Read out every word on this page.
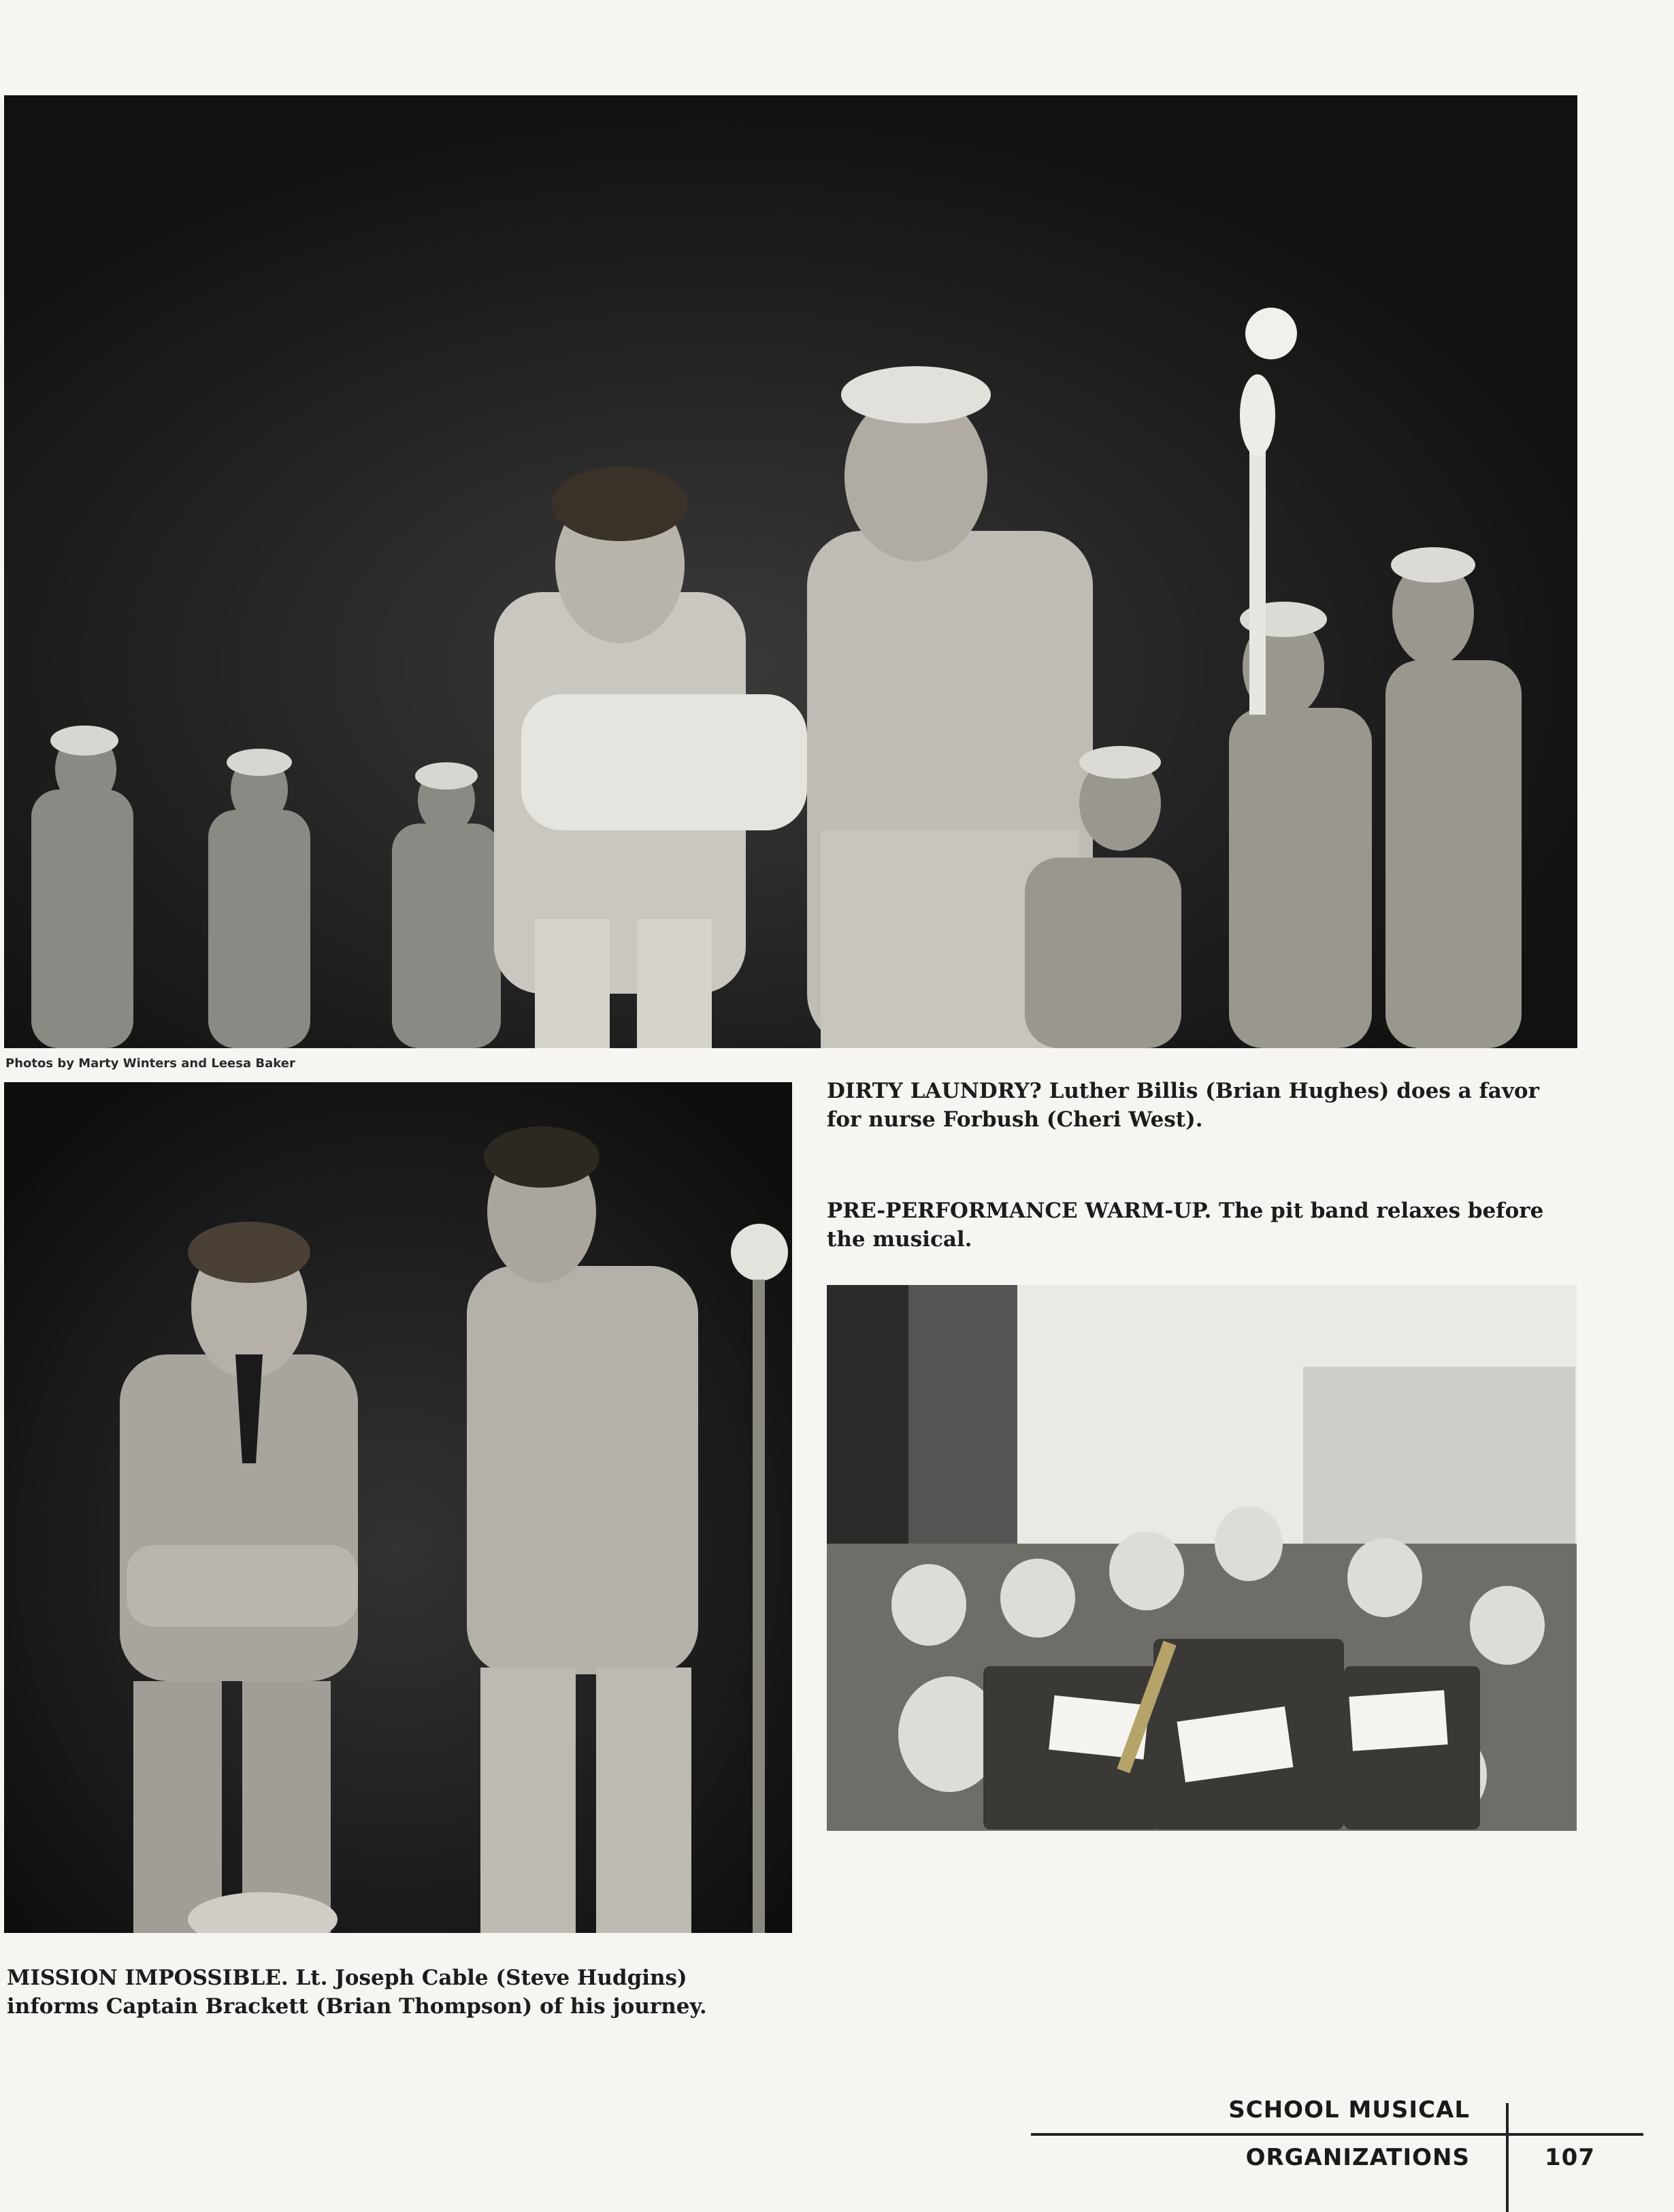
Photos by Marty Winters and Leesa Baker
DIRTY LAUNDRY? Luther Billis (Brian Hughes) does a favor for nurse Forbush (Cheri West).
PRE-PERFORMANCE WARM-UP. The pit band relaxes before the musical.
MISSION IMPOSSIBLE. Lt. Joseph Cable (Steve Hudgins) informs Captain Brackett (Brian Thompson) of his journey.
SCHOOL MUSICAL
ORGANIZATIONS	107
